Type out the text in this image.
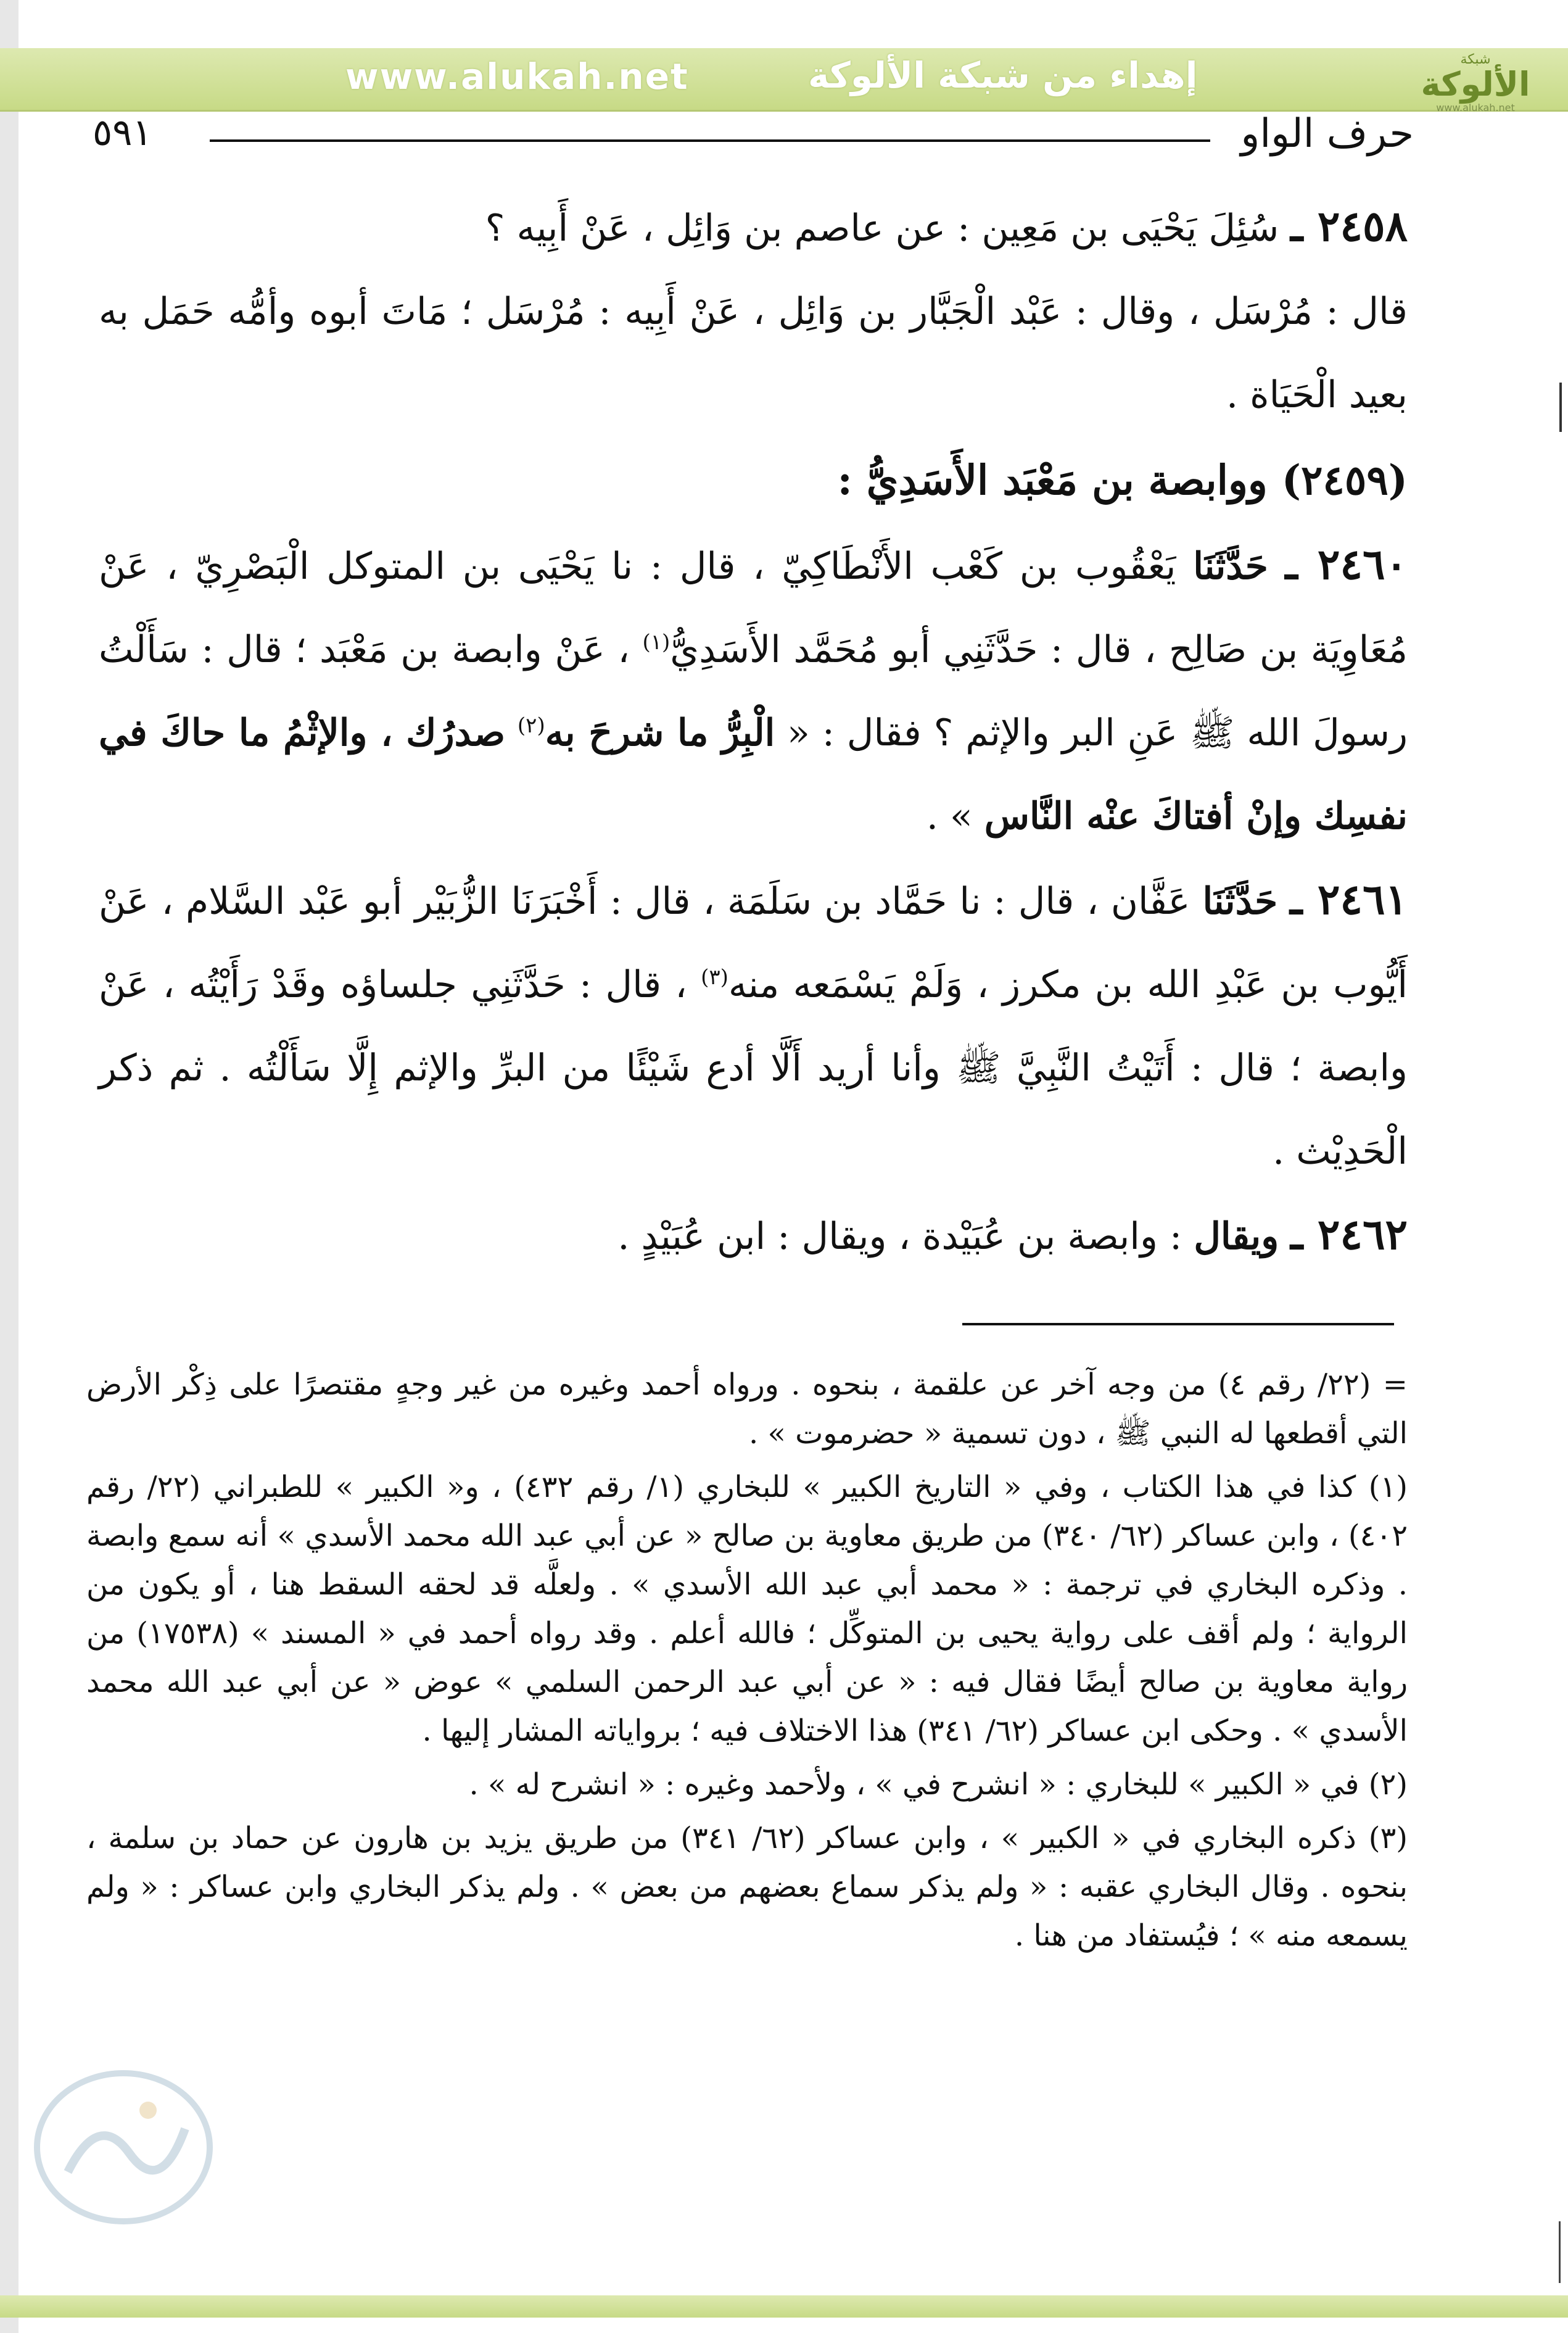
www.alukah.net	إهداء من شبكة الألوكة	شبكة
الألوكة
www.alukah.net
حرف الواو
٥٩١

٢٤٥٨ ـ سُئِلَ يَحْيَى بن مَعِين : عن عاصم بن وَائِل ، عَنْ أَبِيه ؟

قال : مُرْسَل ، وقال : عَبْد الْجَبَّار بن وَائِل ، عَنْ أَبِيه : مُرْسَل ؛ مَاتَ أبوه وأمُّه حَمَل به بعيد الْحَيَاة .

(٢٤٥٩) ووابصة بن مَعْبَد الأَسَدِيُّ :

٢٤٦٠ ـ حَدَّثَنَا يَعْقُوب بن كَعْب الأَنْطَاكِيّ ، قال : نا يَحْيَى بن المتوكل الْبَصْرِيّ ، عَنْ مُعَاوِيَة بن صَالِح ، قال : حَدَّثَنِي أبو مُحَمَّد الأَسَدِيُّ$^{(١)}$ ، عَنْ وابصة بن مَعْبَد ؛ قال : سَأَلْتُ رسولَ الله ﷺ عَنِ البر والإثم ؟ فقال : « الْبِرُّ ما شرحَ به$^{(٢)}$ صدرُك ، والإثْمُ ما حاكَ في نفسِك وإنْ أفتاكَ عنْه النَّاس » .

٢٤٦١ ـ حَدَّثَنَا عَفَّان ، قال : نا حَمَّاد بن سَلَمَة ، قال : أَخْبَرَنَا الزُّبَيْر أبو عَبْد السَّلام ، عَنْ أَيُّوب بن عَبْدِ الله بن مكرز ، وَلَمْ يَسْمَعه منه$^{(٣)}$ ، قال : حَدَّثَنِي جلساؤه وقَدْ رَأَيْتُه ، عَنْ وابصة ؛ قال : أَتَيْتُ النَّبِيَّ ﷺ وأنا أريد أَلَّا أدع شَيْئًا من البرِّ والإثم إِلَّا سَأَلْتُه . ثم ذكر الْحَدِيْث .

٢٤٦٢ ـ ويقال : وابصة بن عُبَيْدة ، ويقال : ابن عُبَيْدٍ .

= (٢٢/ رقم ٤) من وجه آخر عن علقمة ، بنحوه . ورواه أحمد وغيره من غير وجهٍ مقتصرًا على ذِكْر الأرض التي أقطعها له النبي ﷺ ، دون تسمية « حضرموت » .

(١) كذا في هذا الكتاب ، وفي « التاريخ الكبير » للبخاري (١/ رقم ٤٣٢) ، و« الكبير » للطبراني (٢٢/ رقم ٤٠٢) ، وابن عساكر (٦٢/ ٣٤٠) من طريق معاوية بن صالح « عن أبي عبد الله محمد الأسدي » أنه سمع وابصة . وذكره البخاري في ترجمة : « محمد أبي عبد الله الأسدي » . ولعلَّه قد لحقه السقط هنا ، أو يكون من الرواية ؛ ولم أقف على رواية يحيى بن المتوكِّل ؛ فالله أعلم . وقد رواه أحمد في « المسند » (١٧٥٣٨) من رواية معاوية بن صالح أيضًا فقال فيه : « عن أبي عبد الرحمن السلمي » عوض « عن أبي عبد الله محمد الأسدي » . وحكى ابن عساكر (٦٢/ ٣٤١) هذا الاختلاف فيه ؛ برواياته المشار إليها .

(٢) في « الكبير » للبخاري : « انشرح في » ، ولأحمد وغيره : « انشرح له » .

(٣) ذكره البخاري في « الكبير » ، وابن عساكر (٦٢/ ٣٤١) من طريق يزيد بن هارون عن حماد بن سلمة ، بنحوه . وقال البخاري عقبه : « ولم يذكر سماع بعضهم من بعض » . ولم يذكر البخاري وابن عساكر : « ولم يسمعه منه » ؛ فيُستفاد من هنا .
